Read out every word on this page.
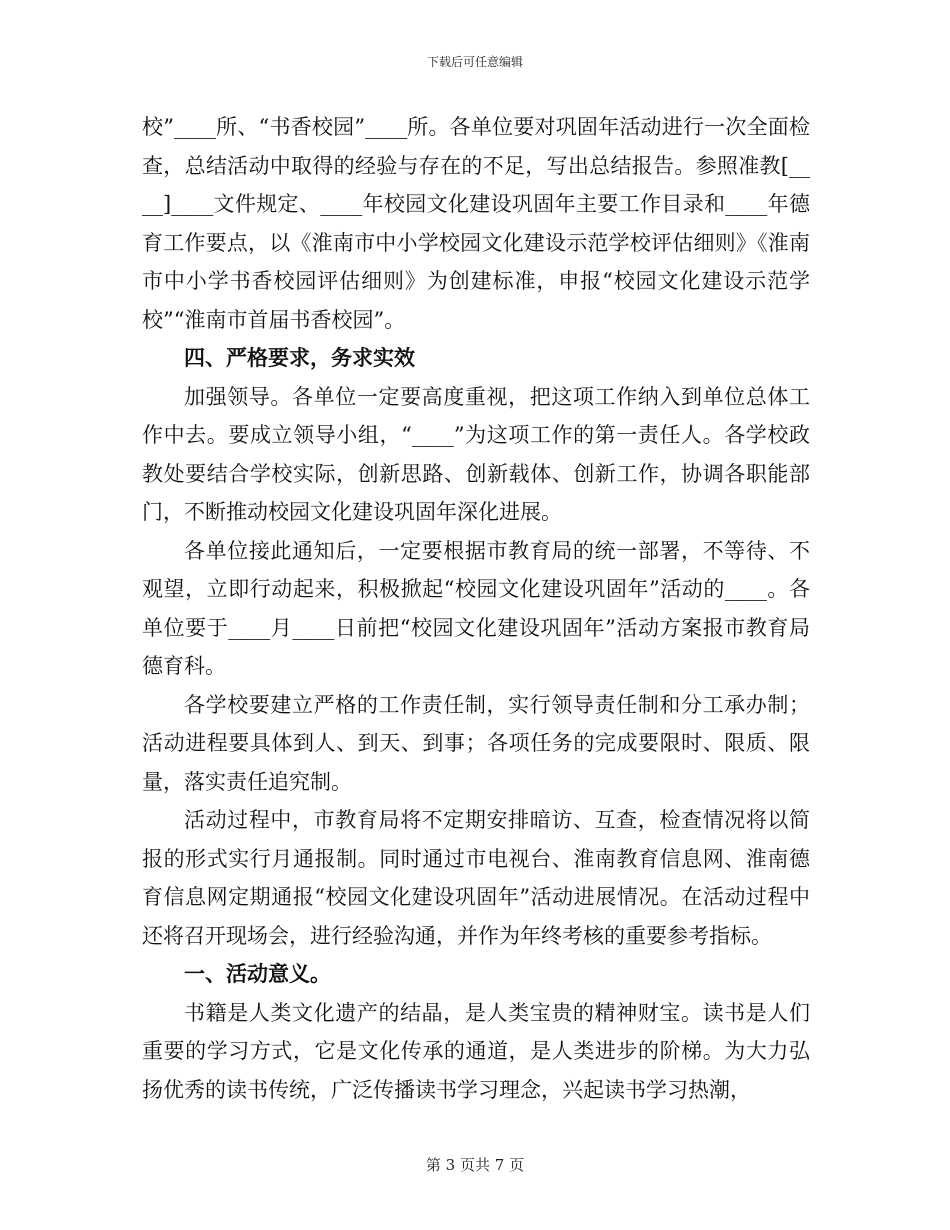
下载后可任意编辑

校”____所、“书香校园”____所。各单位要对巩固年活动进行一次全面检查，总结活动中取得的经验与存在的不足，写出总结报告。参照准教[____]____文件规定、____年校园文化建设巩固年主要工作目录和____年德育工作要点，以《淮南市中小学校园文化建设示范学校评估细则》《淮南市中小学书香校园评估细则》为创建标准，申报“校园文化建设示范学校”“淮南市首届书香校园”。

四、严格要求，务求实效

加强领导。各单位一定要高度重视，把这项工作纳入到单位总体工作中去。要成立领导小组，“____”为这项工作的第一责任人。各学校政教处要结合学校实际，创新思路、创新载体、创新工作，协调各职能部门，不断推动校园文化建设巩固年深化进展。

各单位接此通知后，一定要根据市教育局的统一部署，不等待、不观望，立即行动起来，积极掀起“校园文化建设巩固年”活动的____。各单位要于____月____日前把“校园文化建设巩固年”活动方案报市教育局德育科。

各学校要建立严格的工作责任制，实行领导责任制和分工承办制；活动进程要具体到人、到天、到事；各项任务的完成要限时、限质、限量，落实责任追究制。

活动过程中，市教育局将不定期安排暗访、互查，检查情况将以简报的形式实行月通报制。同时通过市电视台、淮南教育信息网、淮南德育信息网定期通报“校园文化建设巩固年”活动进展情况。在活动过程中还将召开现场会，进行经验沟通，并作为年终考核的重要参考指标。

一、活动意义。

书籍是人类文化遗产的结晶，是人类宝贵的精神财宝。读书是人们重要的学习方式，它是文化传承的通道，是人类进步的阶梯。为大力弘扬优秀的读书传统，广泛传播读书学习理念，兴起读书学习热潮，

第 3 页共 7 页
